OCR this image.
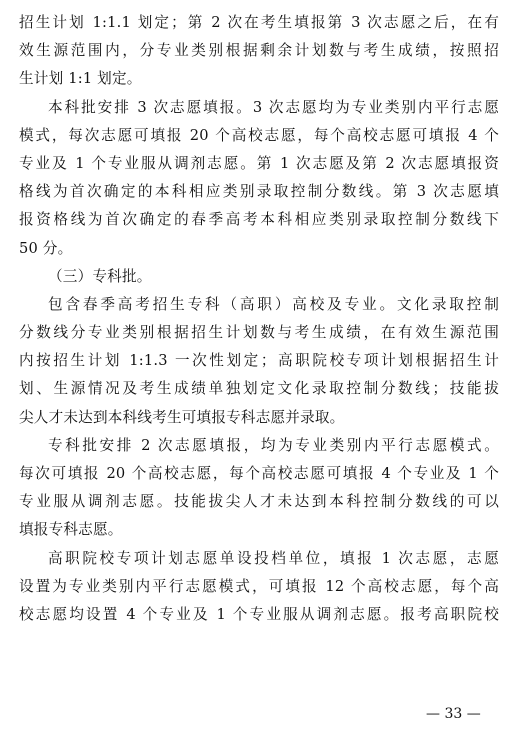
招生计划 1:1.1 划定；第 2 次在考生填报第 3 次志愿之后，在有
效生源范围内，分专业类别根据剩余计划数与考生成绩，按照招
生计划 1:1 划定。
本科批安排 3 次志愿填报。3 次志愿均为专业类别内平行志愿
模式，每次志愿可填报 20 个高校志愿，每个高校志愿可填报 4 个
专业及 1 个专业服从调剂志愿。第 1 次志愿及第 2 次志愿填报资
格线为首次确定的本科相应类别录取控制分数线。第 3 次志愿填
报资格线为首次确定的春季高考本科相应类别录取控制分数线下
50 分。
（三）专科批。
包含春季高考招生专科（高职）高校及专业。文化录取控制
分数线分专业类别根据招生计划数与考生成绩，在有效生源范围
内按招生计划 1:1.3 一次性划定；高职院校专项计划根据招生计
划、生源情况及考生成绩单独划定文化录取控制分数线；技能拔
尖人才未达到本科线考生可填报专科志愿并录取。
专科批安排 2 次志愿填报，均为专业类别内平行志愿模式。
每次可填报 20 个高校志愿，每个高校志愿可填报 4 个专业及 1 个
专业服从调剂志愿。技能拔尖人才未达到本科控制分数线的可以
填报专科志愿。
高职院校专项计划志愿单设投档单位，填报 1 次志愿，志愿
设置为专业类别内平行志愿模式，可填报 12 个高校志愿，每个高
校志愿均设置 4 个专业及 1 个专业服从调剂志愿。报考高职院校
— 33 —
